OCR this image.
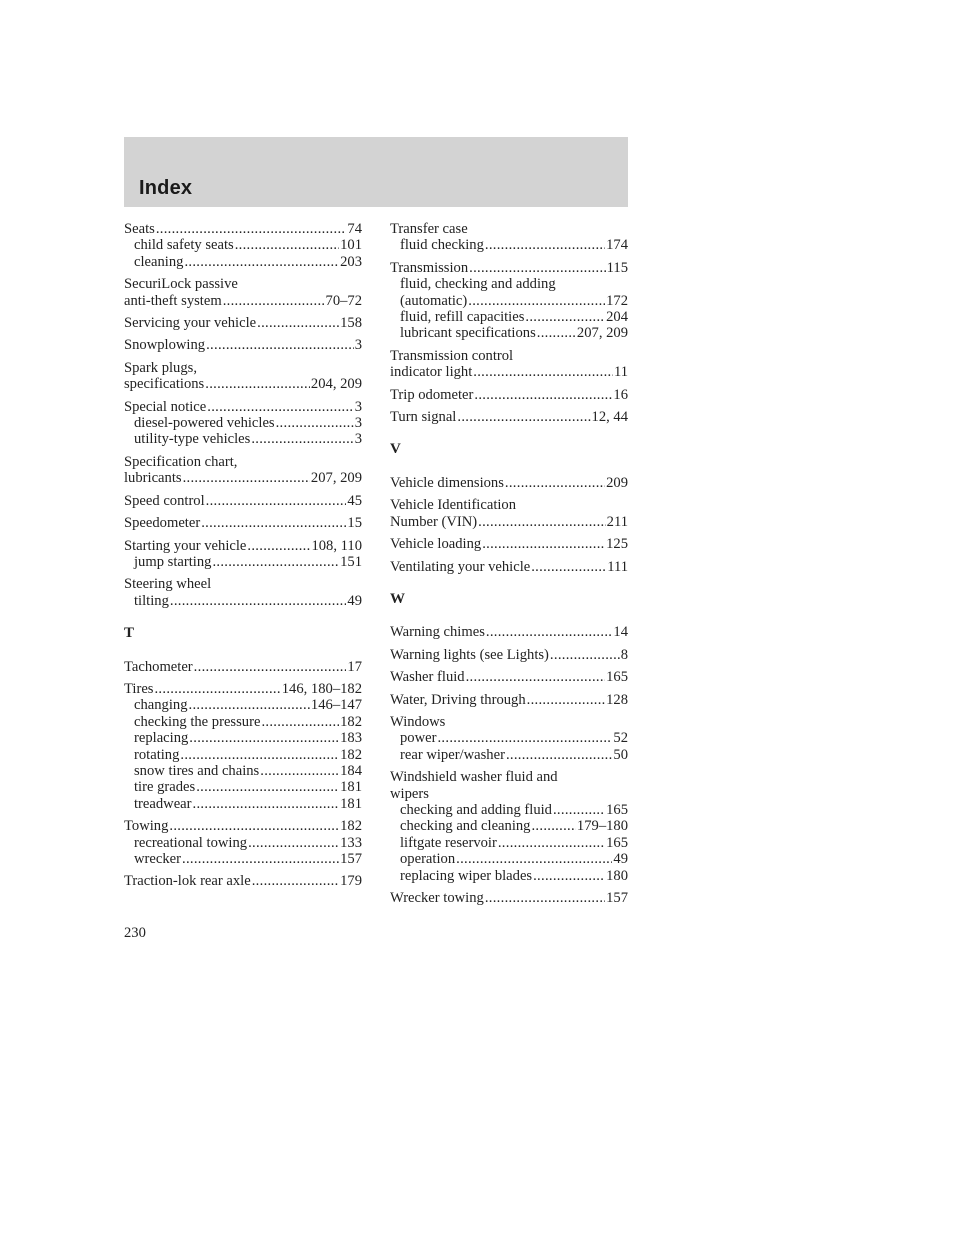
Index
Seats .....	74
child safety seats .....	101
cleaning .....	203
SecuriLock passive
anti-theft system .....	70–72
Servicing your vehicle .....	158
Snowplowing .....	3
Spark plugs,
specifications .....	204, 209
Special notice .....	3
diesel-powered vehicles .....	3
utility-type vehicles .....	3
Specification chart,
lubricants .....	207, 209
Speed control .....	45
Speedometer .....	15
Starting your vehicle .....	108, 110
jump starting .....	151
Steering wheel
tilting .....	49
T
Tachometer .....	17
Tires .....	146, 180–182
changing .....	146–147
checking the pressure .....	182
replacing .....	183
rotating .....	182
snow tires and chains .....	184
tire grades .....	181
treadwear .....	181
Towing .....	182
recreational towing .....	133
wrecker .....	157
Traction-lok rear axle .....	179
Transfer case
fluid checking .....	174
Transmission .....	115
fluid, checking and adding
(automatic) .....	172
fluid, refill capacities .....	204
lubricant specifications .....	207, 209
Transmission control
indicator light .....	11
Trip odometer .....	16
Turn signal .....	12, 44
V
Vehicle dimensions .....	209
Vehicle Identification
Number (VIN) .....	211
Vehicle loading .....	125
Ventilating your vehicle .....	111
W
Warning chimes .....	14
Warning lights (see Lights) .....	8
Washer fluid .....	165
Water, Driving through .....	128
Windows
power .....	52
rear wiper/washer .....	50
Windshield washer fluid and
wipers
checking and adding fluid .....	165
checking and cleaning .....	179–180
liftgate reservoir .....	165
operation .....	49
replacing wiper blades .....	180
Wrecker towing .....	157
230
